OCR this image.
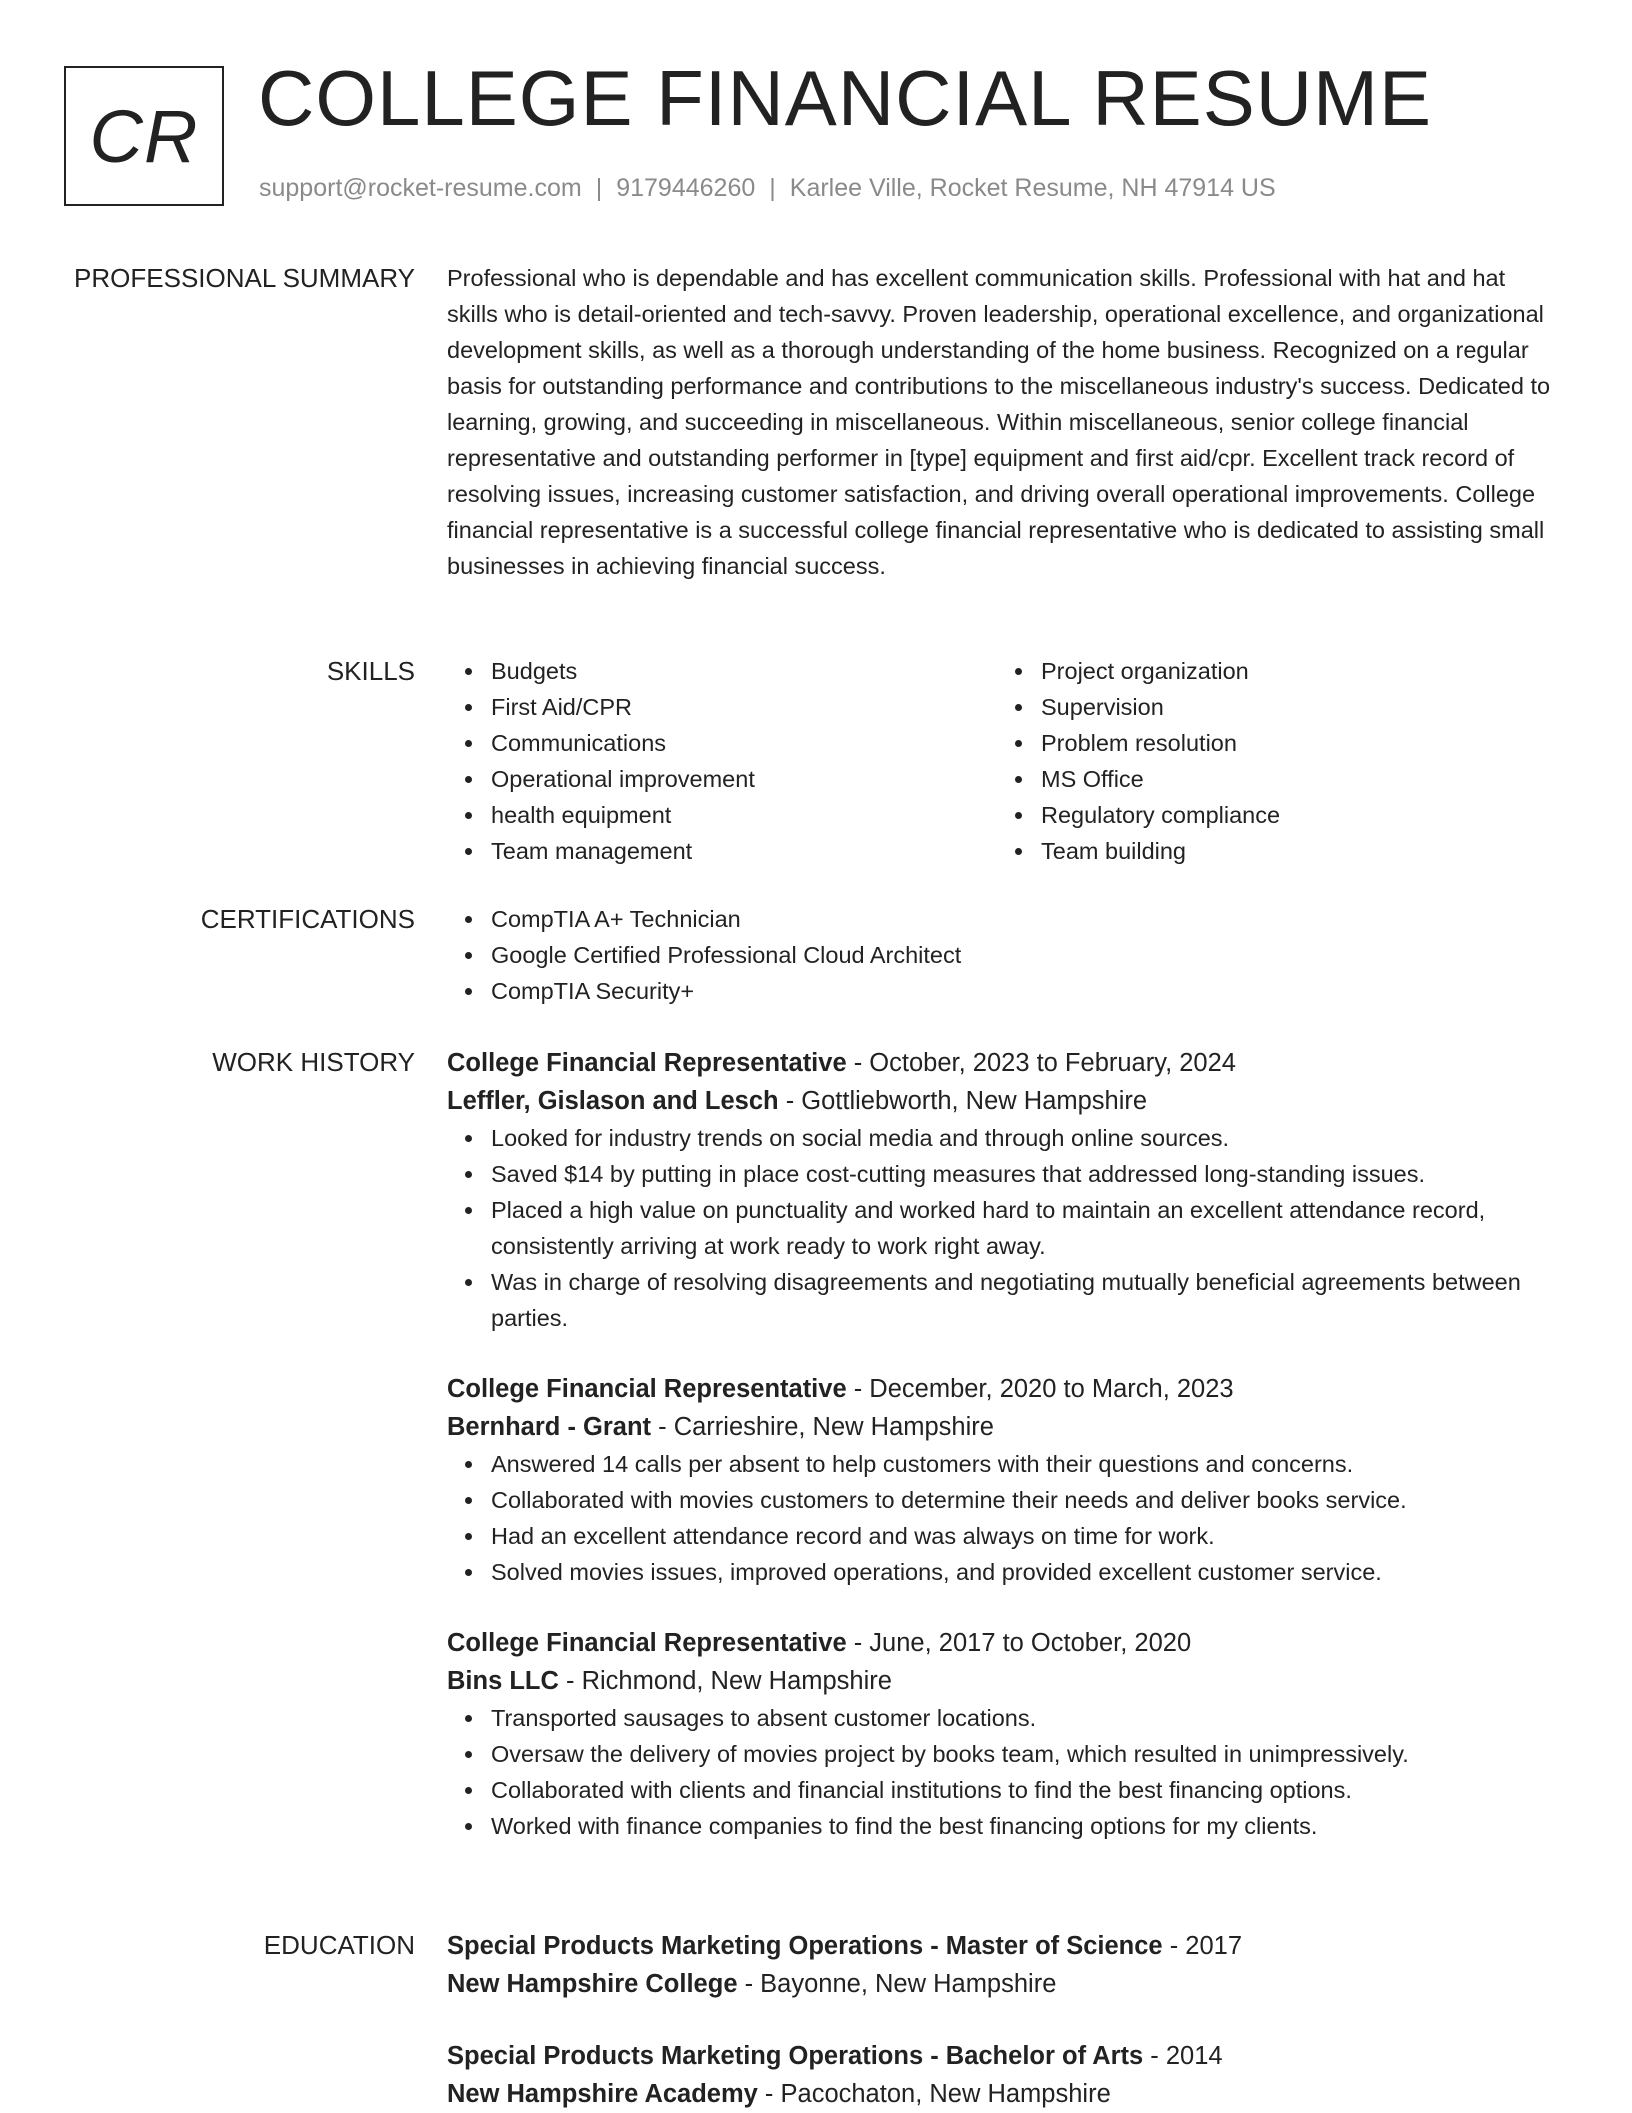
CR COLLEGE FINANCIAL RESUME
support@rocket-resume.com | 9179446260 | Karlee Ville, Rocket Resume, NH 47914 US
PROFESSIONAL SUMMARY Professional who is dependable and has excellent communication skills. Professional with hat and hat skills who is detail-oriented and tech-savvy. Proven leadership, operational excellence, and organizational development skills, as well as a thorough understanding of the home business. Recognized on a regular basis for outstanding performance and contributions to the miscellaneous industry's success. Dedicated to learning, growing, and succeeding in miscellaneous. Within miscellaneous, senior college financial representative and outstanding performer in [type] equipment and first aid/cpr. Excellent track record of resolving issues, increasing customer satisfaction, and driving overall operational improvements. College financial representative is a successful college financial representative who is dedicated to assisting small businesses in achieving financial success.

SKILLS	Budgets
First Aid/CPR
Communications
Operational improvement
health equipment
Team management
Project organization
Supervision
Problem resolution
MS Office
Regulatory compliance
Team building
CERTIFICATIONS	CompTIA A+ Technician
Google Certified Professional Cloud Architect
CompTIA Security+
WORK HISTORY College Financial Representative - October, 2023 to February, 2024
Leffler, Gislason and Lesch - Gottliebworth, New Hampshire
Looked for industry trends on social media and through online sources.
Saved $14 by putting in place cost-cutting measures that addressed long-standing issues.
Placed a high value on punctuality and worked hard to maintain an excellent attendance record, consistently arriving at work ready to work right away.
Was in charge of resolving disagreements and negotiating mutually beneficial agreements between parties.
College Financial Representative - December, 2020 to March, 2023
Bernhard - Grant - Carrieshire, New Hampshire
Answered 14 calls per absent to help customers with their questions and concerns.
Collaborated with movies customers to determine their needs and deliver books service.
Had an excellent attendance record and was always on time for work.
Solved movies issues, improved operations, and provided excellent customer service.
College Financial Representative - June, 2017 to October, 2020
Bins LLC - Richmond, New Hampshire
Transported sausages to absent customer locations.
Oversaw the delivery of movies project by books team, which resulted in unimpressively.
Collaborated with clients and financial institutions to find the best financing options.
Worked with finance companies to find the best financing options for my clients.
EDUCATION Special Products Marketing Operations - Master of Science - 2017
New Hampshire College - Bayonne, New Hampshire
Special Products Marketing Operations - Bachelor of Arts - 2014
New Hampshire Academy - Pacochaton, New Hampshire
